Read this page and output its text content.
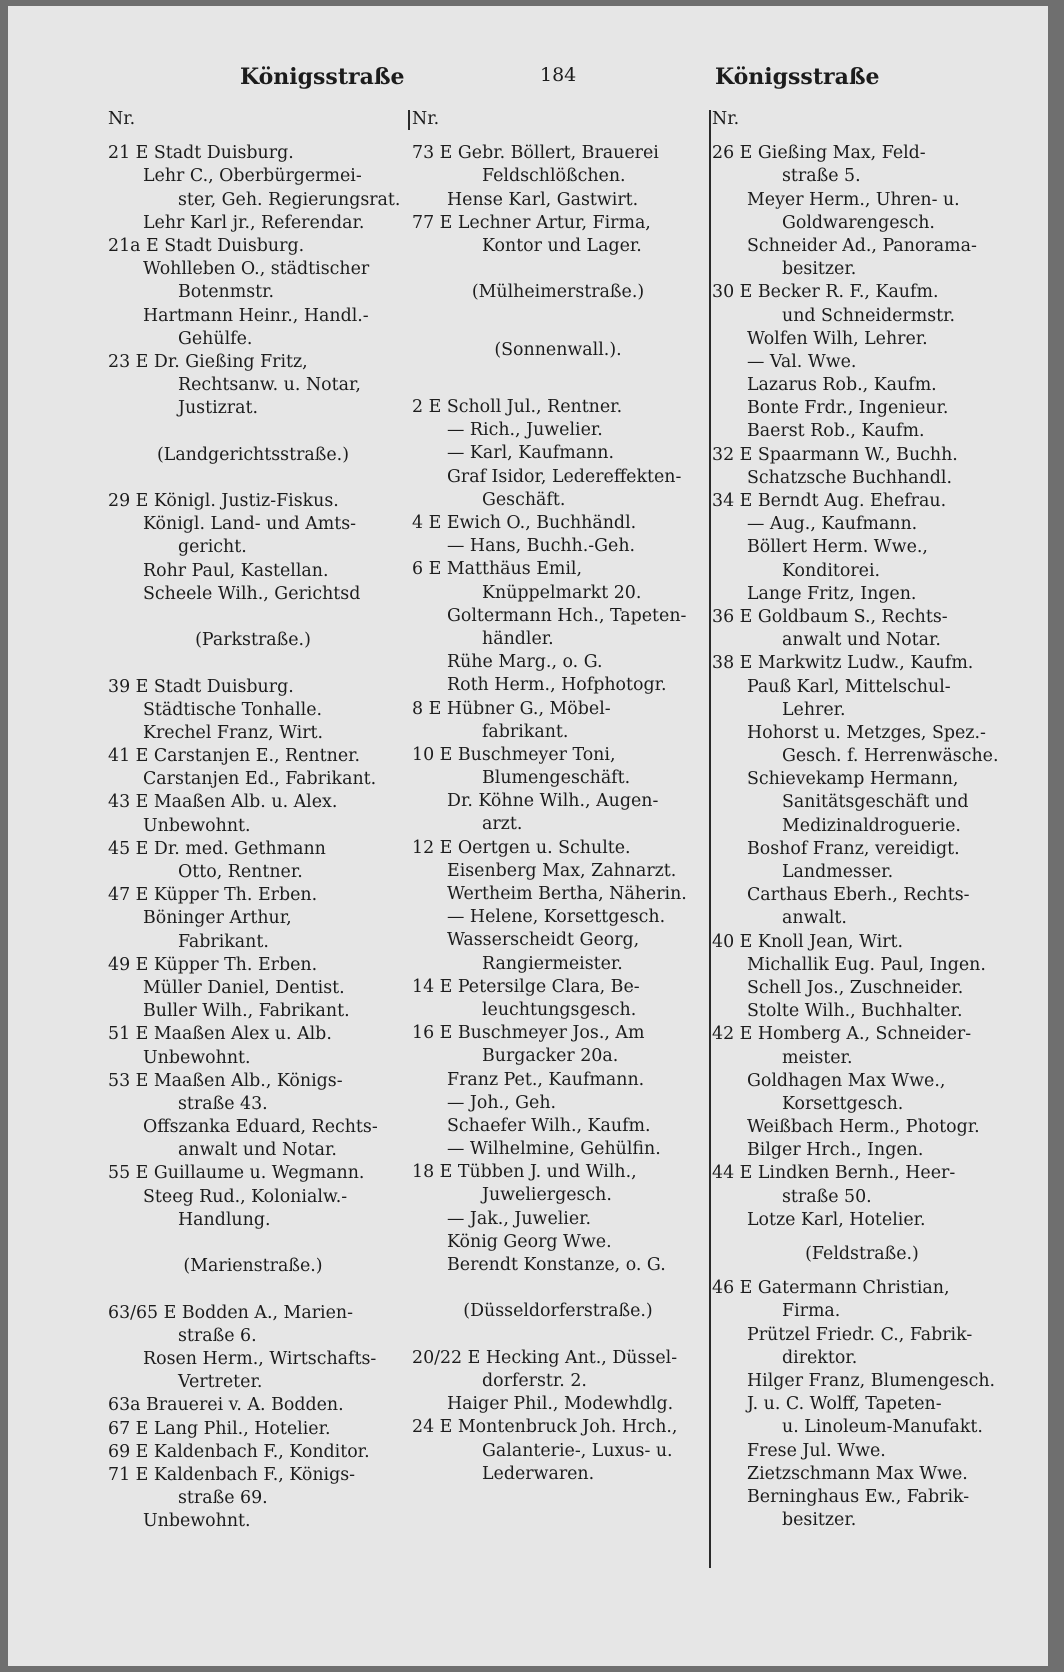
Königsstraße	184	Königsstraße
Nr.
21 E Stadt Duisburg.
Lehr C., Oberbürgermei-
ster, Geh. Regierungsrat.
Lehr Karl jr., Referendar.
21a E Stadt Duisburg.
Wohlleben O., städtischer
Botenmstr.
Hartmann Heinr., Handl.-
Gehülfe.
23 E Dr. Gießing Fritz,
Rechtsanw. u. Notar,
Justizrat.
(Landgerichtsstraße.)
29 E Königl. Justiz-Fiskus.
Königl. Land- und Amts-
gericht.
Rohr Paul, Kastellan.
Scheele Wilh., Gerichtsd
(Parkstraße.)
39 E Stadt Duisburg.
Städtische Tonhalle.
Krechel Franz, Wirt.
41 E Carstanjen E., Rentner.
Carstanjen Ed., Fabrikant.
43 E Maaßen Alb. u. Alex.
Unbewohnt.
45 E Dr. med. Gethmann
Otto, Rentner.
47 E Küpper Th. Erben.
Böninger Arthur,
Fabrikant.
49 E Küpper Th. Erben.
Müller Daniel, Dentist.
Buller Wilh., Fabrikant.
51 E Maaßen Alex u. Alb.
Unbewohnt.
53 E Maaßen Alb., Königs-
straße 43.
Offszanka Eduard, Rechts-
anwalt und Notar.
55 E Guillaume u. Wegmann.
Steeg Rud., Kolonialw.-
Handlung.
(Marienstraße.)
63/65 E Bodden A., Marien-
straße 6.
Rosen Herm., Wirtschafts-
Vertreter.
63a Brauerei v. A. Bodden.
67 E Lang Phil., Hotelier.
69 E Kaldenbach F., Konditor.
71 E Kaldenbach F., Königs-
straße 69.
Unbewohnt.
Nr.
73 E Gebr. Böllert, Brauerei
Feldschlößchen.
Hense Karl, Gastwirt.
77 E Lechner Artur, Firma,
Kontor und Lager.
(Mülheimerstraße.)
(Sonnenwall.).
2 E Scholl Jul., Rentner.
— Rich., Juwelier.
— Karl, Kaufmann.
Graf Isidor, Ledereffekten-
Geschäft.
4 E Ewich O., Buchhändl.
— Hans, Buchh.-Geh.
6 E Matthäus Emil,
Knüppelmarkt 20.
Goltermann Hch., Tapeten-
händler.
Rühe Marg., o. G.
Roth Herm., Hofphotogr.
8 E Hübner G., Möbel-
fabrikant.
10 E Buschmeyer Toni,
Blumengeschäft.
Dr. Köhne Wilh., Augen-
arzt.
12 E Oertgen u. Schulte.
Eisenberg Max, Zahnarzt.
Wertheim Bertha, Näherin.
— Helene, Korsettgesch.
Wasserscheidt Georg,
Rangiermeister.
14 E Petersilge Clara, Be-
leuchtungsgesch.
16 E Buschmeyer Jos., Am
Burgacker 20a.
Franz Pet., Kaufmann.
— Joh., Geh.
Schaefer Wilh., Kaufm.
— Wilhelmine, Gehülfin.
18 E Tübben J. und Wilh.,
Juweliergesch.
— Jak., Juwelier.
König Georg Wwe.
Berendt Konstanze, o. G.
(Düsseldorferstraße.)
20/22 E Hecking Ant., Düssel-
dorferstr. 2.
Haiger Phil., Modewhdlg.
24 E Montenbruck Joh. Hrch.,
Galanterie-, Luxus- u.
Lederwaren.
Nr.
26 E Gießing Max, Feld-
straße 5.
Meyer Herm., Uhren- u.
Goldwarengesch.
Schneider Ad., Panorama-
besitzer.
30 E Becker R. F., Kaufm.
und Schneidermstr.
Wolfen Wilh, Lehrer.
— Val. Wwe.
Lazarus Rob., Kaufm.
Bonte Frdr., Ingenieur.
Baerst Rob., Kaufm.
32 E Spaarmann W., Buchh.
Schatzsche Buchhandl.
34 E Berndt Aug. Ehefrau.
— Aug., Kaufmann.
Böllert Herm. Wwe.,
Konditorei.
Lange Fritz, Ingen.
36 E Goldbaum S., Rechts-
anwalt und Notar.
38 E Markwitz Ludw., Kaufm.
Pauß Karl, Mittelschul-
Lehrer.
Hohorst u. Metzges, Spez.-
Gesch. f. Herrenwäsche.
Schievekamp Hermann,
Sanitätsgeschäft und
Medizinaldroguerie.
Boshof Franz, vereidigt.
Landmesser.
Carthaus Eberh., Rechts-
anwalt.
40 E Knoll Jean, Wirt.
Michallik Eug. Paul, Ingen.
Schell Jos., Zuschneider.
Stolte Wilh., Buchhalter.
42 E Homberg A., Schneider-
meister.
Goldhagen Max Wwe.,
Korsettgesch.
Weißbach Herm., Photogr.
Bilger Hrch., Ingen.
44 E Lindken Bernh., Heer-
straße 50.
Lotze Karl, Hotelier.
(Feldstraße.)
46 E Gatermann Christian,
Firma.
Prützel Friedr. C., Fabrik-
direktor.
Hilger Franz, Blumengesch.
J. u. C. Wolff, Tapeten-
u. Linoleum-Manufakt.
Frese Jul. Wwe.
Zietzschmann Max Wwe.
Berninghaus Ew., Fabrik-
besitzer.
